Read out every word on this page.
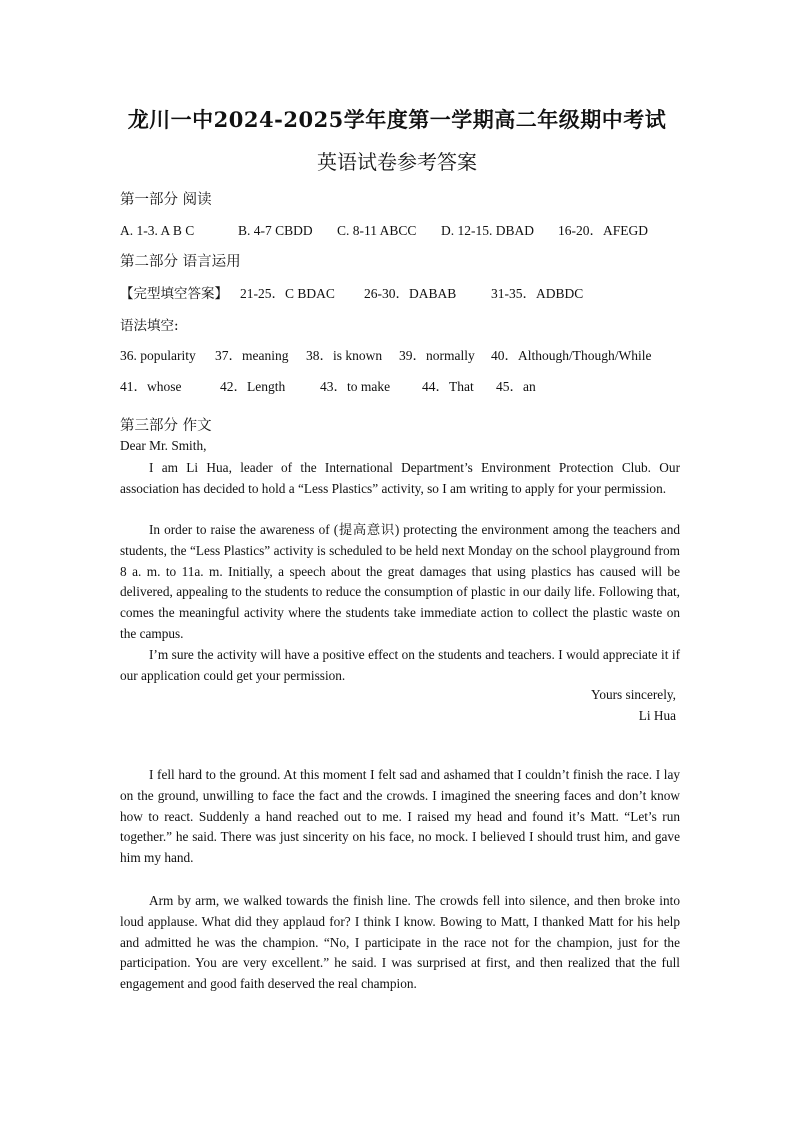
龙川一中2024-2025学年度第一学期高二年级期中考试
英语试卷参考答案
第一部分 阅读
A. 1-3. A B C	B. 4-7 CBDD C. 8-11 ABCC D. 12-15. DBAD 16-20．AFEGD
第二部分 语言运用
【完型填空答案】 21-25．C BDAC 26-30．DABAB	31-35．ADBDC
语法填空:
36. popularity 37．meaning 38．is known 39．normally 40．Although/Though/While
41．whose	42．Length	43．to make 44．That 45．an
第三部分 作文
Dear Mr. Smith,
I am Li Hua, leader of the International Department’s Environment Protection Club. Our association has decided to hold a “Less Plastics” activity, so I am writing to apply for your permission.
In order to raise the awareness of (提高意识) protecting the environment among the teachers and students, the “Less Plastics” activity is scheduled to be held next Monday on the school playground from 8 a. m. to 11a. m. Initially, a speech about the great damages that using plastics has caused will be delivered, appealing to the students to reduce the consumption of plastic in our daily life. Following that, comes the meaningful activity where the students take immediate action to collect the plastic waste on the campus.
I’m sure the activity will have a positive effect on the students and teachers. I would appreciate it if our application could get your permission.
Yours sincerely,
Li Hua
I fell hard to the ground. At this moment I felt sad and ashamed that I couldn’t finish the race. I lay on the ground, unwilling to face the fact and the crowds. I imagined the sneering faces and don’t know how to react. Suddenly a hand reached out to me. I raised my head and found it’s Matt. “Let’s run together.” he said. There was just sincerity on his face, no mock. I believed I should trust him, and gave him my hand.
Arm by arm, we walked towards the finish line. The crowds fell into silence, and then broke into loud applause. What did they applaud for? I think I know. Bowing to Matt, I thanked Matt for his help and admitted he was the champion. “No, I participate in the race not for the champion, just for the participation. You are very excellent.” he said. I was surprised at first, and then realized that the full engagement and good faith deserved the real champion.
